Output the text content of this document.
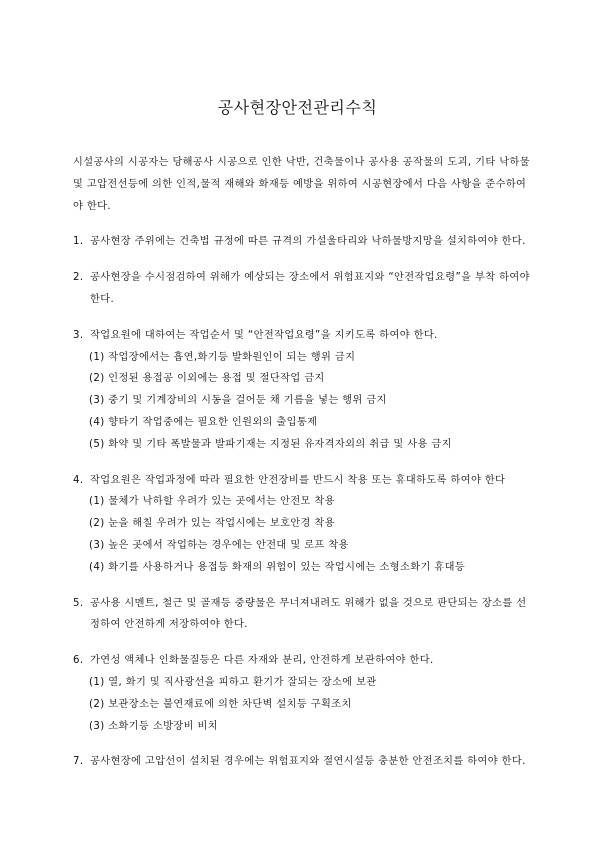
공사현장안전관리수칙

시설공사의 시공자는 당해공사 시공으로 인한 낙반, 건축물이나 공사용 공작물의 도괴, 기타 낙하물 및 고압전선등에 의한 인적,물적 재해와 화재등 예방을 위하여 시공현장에서 다음 사항을 준수하여야 한다.

1. 공사현장 주위에는 건축법 규정에 따른 규격의 가설울타리와 낙하물방지망을 설치하여야 한다.
2. 공사현장을 수시점검하여 위해가 예상되는 장소에서 위험표지와 “안전작업요령”을 부착 하여야 한다.
3. 작업요원에 대하여는 작업순서 및 “안전작업요령”을 지키도록 하여야 한다.
(1) 작업장에서는 흡연,화기등 발화원인이 되는 행위 금지
(2) 인정된 용접공 이외에는 용접 및 절단작업 금지
(3) 중기 및 기계장비의 시동을 걸어둔 채 기름을 넣는 행위 금지
(4) 향타기 작업중에는 필요한 인원외의 출입통제
(5) 화약 및 기타 폭발물과 발파기재는 지정된 유자격자외의 취급 및 사용 금지
4. 작업요원은 작업과정에 따라 필요한 안전장비를 반드시 착용 또는 휴대하도록 하여야 한다
(1) 물체가 낙하할 우려가 있는 곳에서는 안전모 착용
(2) 눈을 해칠 우려가 있는 작업시에는 보호안경 착용
(3) 높은 곳에서 작업하는 경우에는 안전대 및 로프 착용
(4) 화기를 사용하거나 용접등 화재의 위험이 있는 작업시에는 소형소화기 휴대등
5. 공사용 시멘트, 철근 및 골재등 중량물은 무너져내려도 위해가 없을 것으로 판단되는 장소를 선정하여 안전하게 저장하여야 한다.
6. 가연성 액체나 인화물질등은 다른 자재와 분리, 안전하게 보관하여야 한다.
(1) 열, 화기 및 직사광선을 피하고 환기가 잘되는 장소에 보관
(2) 보관장소는 불연재료에 의한 차단벽 설치등 구획조치
(3) 소화기등 소방장비 비치
7. 공사현장에 고압선이 설치된 경우에는 위험표지와 절연시설등 충분한 안전조치를 하여야 한다.
